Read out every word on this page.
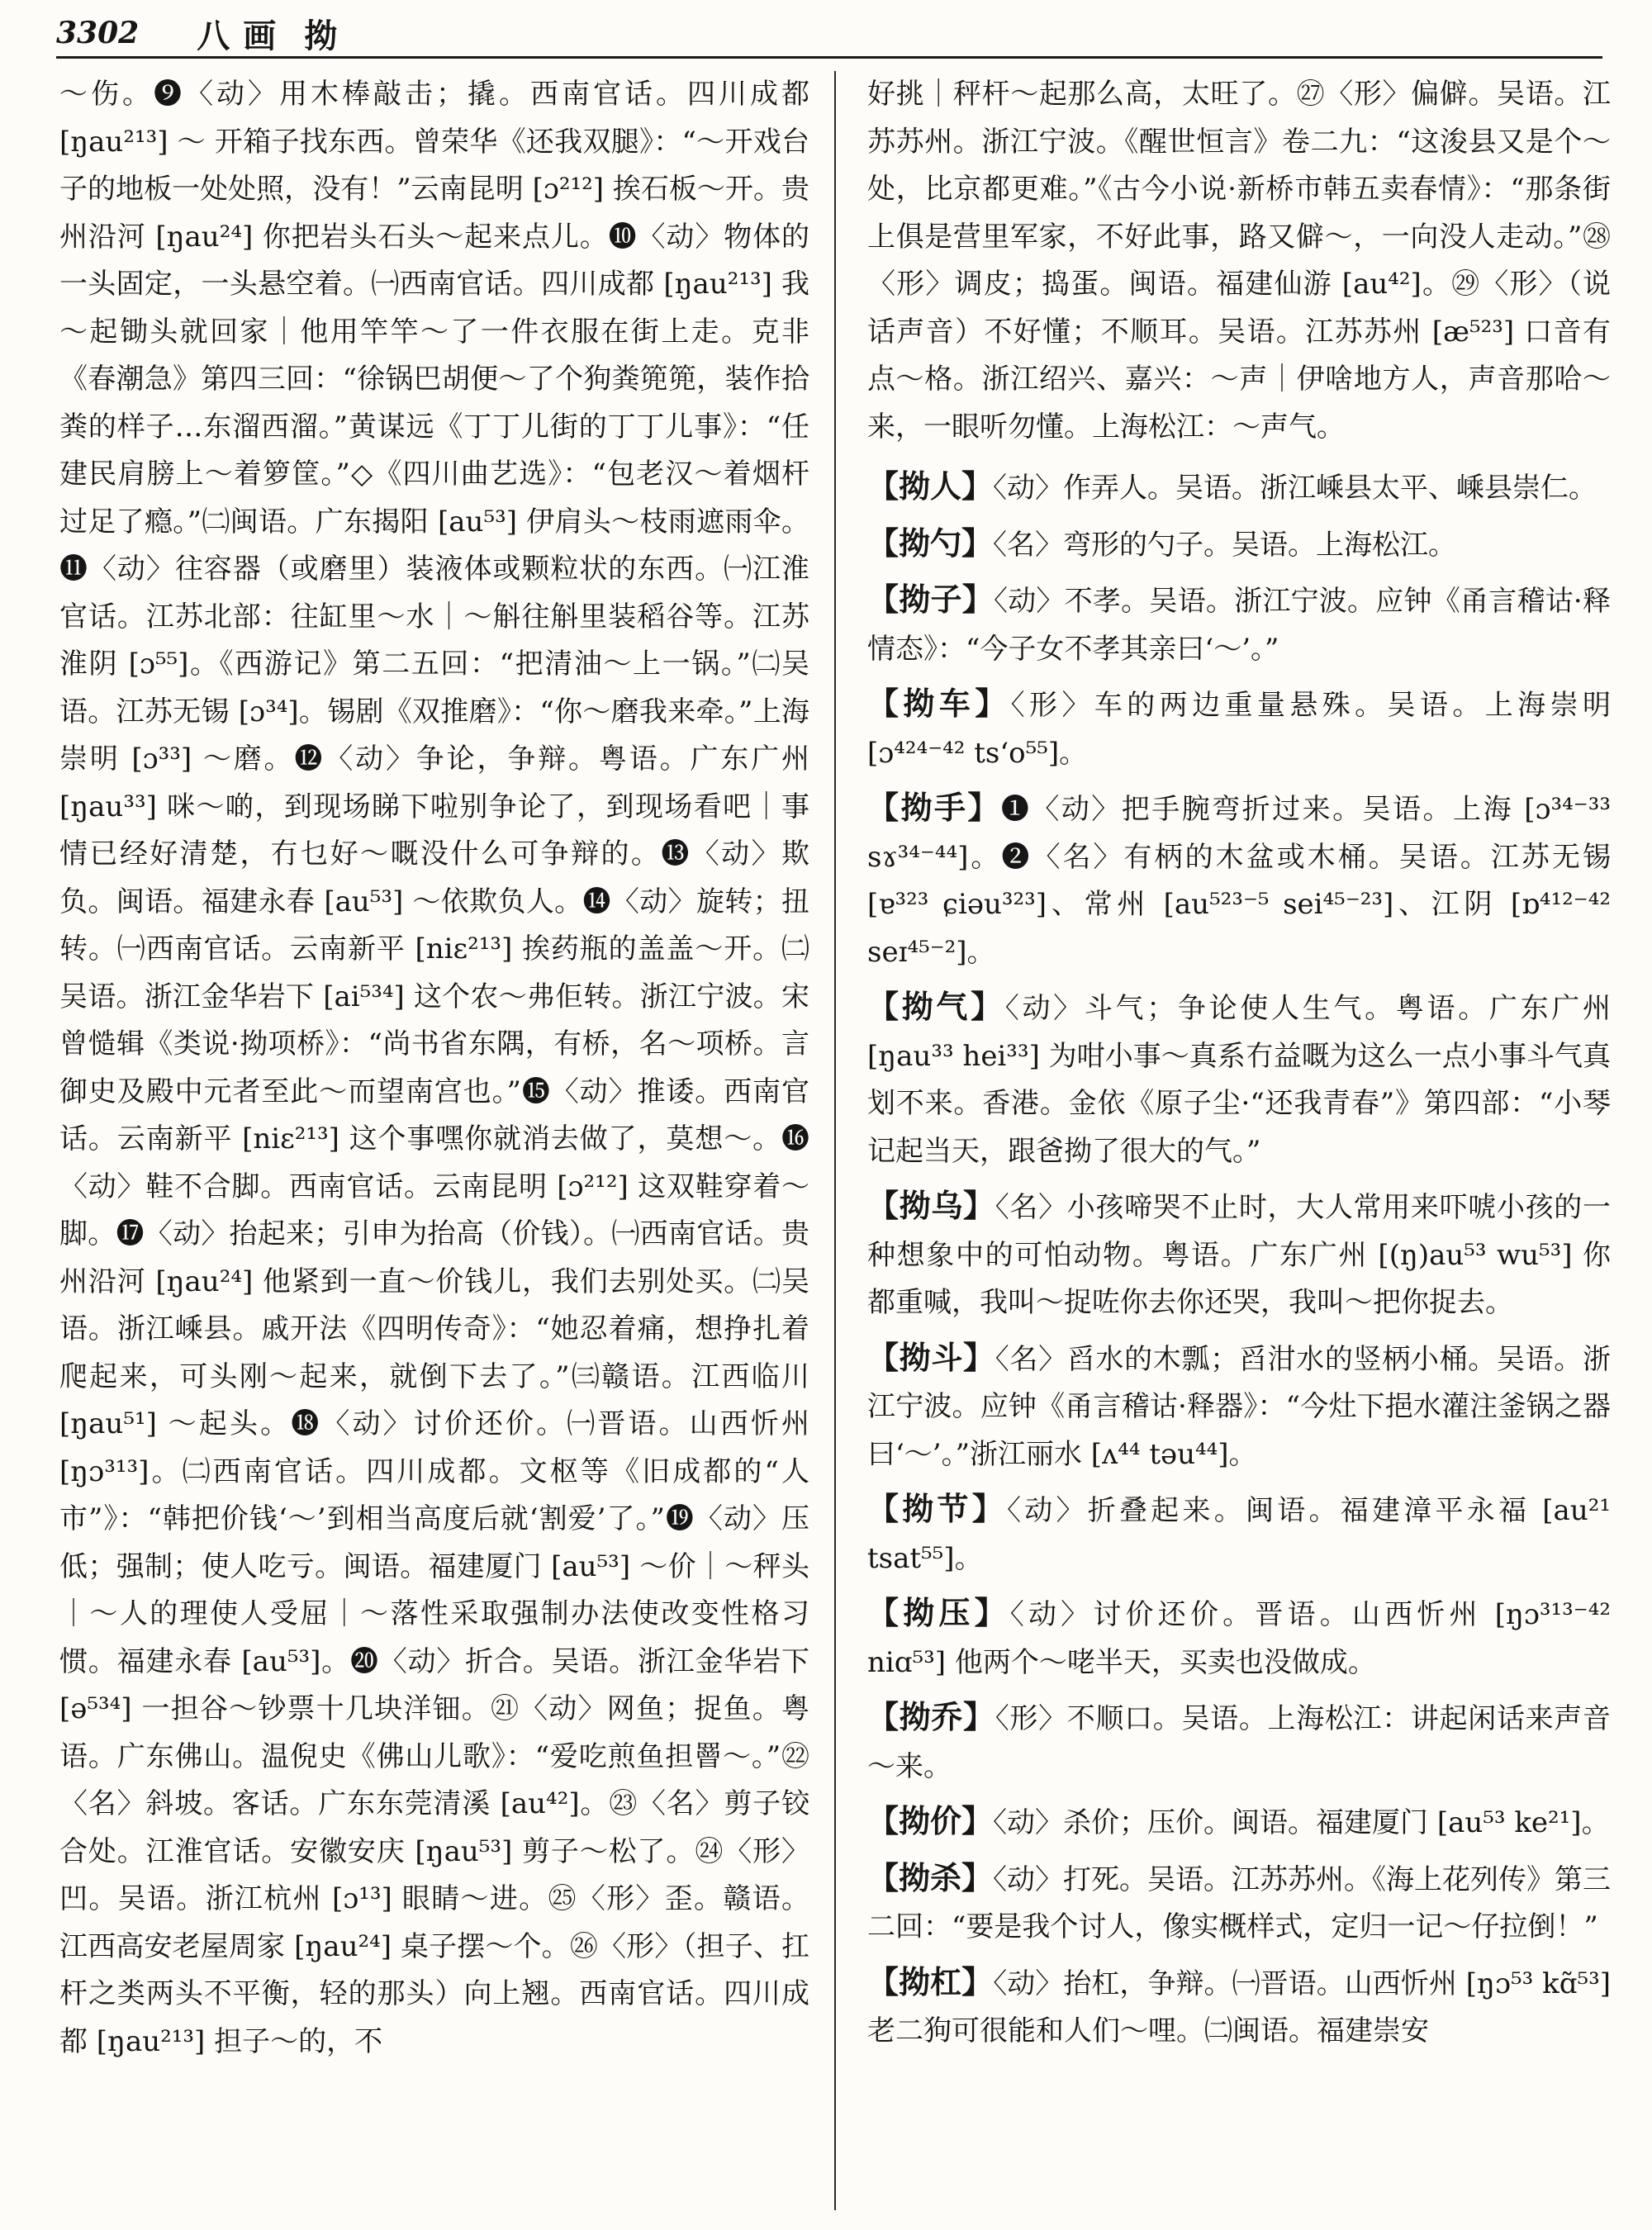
3302 八画 拗
～伤。❾〈动〉用木棒敲击；撬。西南官话。四川成都 [ŋau²¹³] ～ 开箱子找东西。曾荣华《还我双腿》：“～开戏台子的地板一处处照，没有！”云南昆明 [ɔ²¹²] 挨石板～开。贵州沿河 [ŋau²⁴] 你把岩头石头～起来点儿。❿〈动〉物体的一头固定，一头悬空着。㈠西南官话。四川成都 [ŋau²¹³] 我～起锄头就回家｜他用竿竿～了一件衣服在街上走。克非《春潮急》第四三回：“徐锅巴胡便～了个狗粪篼篼，装作拾粪的样子…东溜西溜。”黄谋远《丁丁儿街的丁丁儿事》：“任建民肩膀上～着箩筐。”◇《四川曲艺选》：“包老汉～着烟杆过足了瘾。”㈡闽语。广东揭阳 [au⁵³] 伊肩头～枝雨遮雨伞。⓫〈动〉往容器（或磨里）装液体或颗粒状的东西。㈠江淮官话。江苏北部：往缸里～水｜～斛往斛里装稻谷等。江苏淮阴 [ɔ⁵⁵]。《西游记》第二五回：“把清油～上一锅。”㈡吴语。江苏无锡 [ɔ³⁴]。锡剧《双推磨》：“你～磨我来牵。”上海崇明 [ɔ³³] ～磨。⓬〈动〉争论，争辩。粤语。广东广州 [ŋau³³] 咪～啲，到现场睇下啦别争论了，到现场看吧｜事情已经好清楚，冇乜好～嘅没什么可争辩的。⓭〈动〉欺负。闽语。福建永春 [au⁵³] ～依欺负人。⓮〈动〉旋转；扭转。㈠西南官话。云南新平 [niɛ²¹³] 挨药瓶的盖盖～开。㈡吴语。浙江金华岩下 [ai⁵³⁴] 这个农～弗佢转。浙江宁波。宋曾慥辑《类说·拗项桥》：“尚书省东隅，有桥，名～项桥。言御史及殿中元者至此～而望南宫也。”⓯〈动〉推诿。西南官话。云南新平 [niɛ²¹³] 这个事嘿你就消去做了，莫想～。⓰〈动〉鞋不合脚。西南官话。云南昆明 [ɔ²¹²] 这双鞋穿着～脚。⓱〈动〉抬起来；引申为抬高（价钱）。㈠西南官话。贵州沿河 [ŋau²⁴] 他紧到一直～价钱儿，我们去别处买。㈡吴语。浙江嵊县。戚开法《四明传奇》：“她忍着痛，想挣扎着爬起来，可头刚～起来，就倒下去了。”㈢赣语。江西临川 [ŋau⁵¹] ～起头。⓲〈动〉讨价还价。㈠晋语。山西忻州 [ŋɔ³¹³]。㈡西南官话。四川成都。文枢等《旧成都的“人市”》：“韩把价钱‘～’到相当高度后就‘割爱’了。”⓳〈动〉压低；强制；使人吃亏。闽语。福建厦门 [au⁵³] ～价｜～秤头｜～人的理使人受屈｜～落性采取强制办法使改变性格习惯。福建永春 [au⁵³]。⓴〈动〉折合。吴语。浙江金华岩下 [ə⁵³⁴] 一担谷～钞票十几块洋钿。㉑〈动〉网鱼；捉鱼。粤语。广东佛山。温倪史《佛山儿歌》：“爱吃煎鱼担罾～。”㉒〈名〉斜坡。客话。广东东莞清溪 [au⁴²]。㉓〈名〉剪子铰合处。江淮官话。安徽安庆 [ŋau⁵³] 剪子～松了。㉔〈形〉凹。吴语。浙江杭州 [ɔ¹³] 眼睛～进。㉕〈形〉歪。赣语。江西高安老屋周家 [ŋau²⁴] 桌子摆～个。㉖〈形〉（担子、扛杆之类两头不平衡，轻的那头）向上翘。西南官话。四川成都 [ŋau²¹³] 担子～的，不
好挑｜秤杆～起那么高，太旺了。㉗〈形〉偏僻。吴语。江苏苏州。浙江宁波。《醒世恒言》卷二九：“这浚县又是个～处，比京都更难。”《古今小说·新桥市韩五卖春情》：“那条街上俱是营里军家，不好此事，路又僻～，一向没人走动。”㉘〈形〉调皮；捣蛋。闽语。福建仙游 [au⁴²]。㉙〈形〉（说话声音）不好懂；不顺耳。吴语。江苏苏州 [æ⁵²³] 口音有点～格。浙江绍兴、嘉兴：～声｜伊啥地方人，声音那哈～来，一眼听勿懂。上海松江：～声气。
【拗人】〈动〉作弄人。吴语。浙江嵊县太平、嵊县崇仁。
【拗勺】〈名〉弯形的勺子。吴语。上海松江。
【拗子】〈动〉不孝。吴语。浙江宁波。应钟《甬言稽诂·释情态》：“今子女不孝其亲曰‘～’。”
【拗车】〈形〉车的两边重量悬殊。吴语。上海崇明 [ɔ⁴²⁴⁻⁴² tsʻo⁵⁵]。
【拗手】❶〈动〉把手腕弯折过来。吴语。上海 [ɔ³⁴⁻³³ sɤ³⁴⁻⁴⁴]。❷〈名〉有柄的木盆或木桶。吴语。江苏无锡 [ɐ³²³ ɕiəu³²³]、常州 [au⁵²³⁻⁵ sei⁴⁵⁻²³]、江阴 [ɒ⁴¹²⁻⁴² seɪ⁴⁵⁻²]。
【拗气】〈动〉斗气；争论使人生气。粤语。广东广州 [ŋau³³ hei³³] 为咁小事～真系冇益嘅为这么一点小事斗气真划不来。香港。金依《原子尘·“还我青春”》第四部：“小琴记起当天，跟爸拗了很大的气。”
【拗乌】〈名〉小孩啼哭不止时，大人常用来吓唬小孩的一种想象中的可怕动物。粤语。广东广州 [(ŋ)au⁵³ wu⁵³] 你都重喊，我叫～捉咗你去你还哭，我叫～把你捉去。
【拗斗】〈名〉舀水的木瓢；舀泔水的竖柄小桶。吴语。浙江宁波。应钟《甬言稽诂·释器》：“今灶下挹水灌注釜锅之器曰‘～’。”浙江丽水 [ʌ⁴⁴ təu⁴⁴]。
【拗节】〈动〉折叠起来。闽语。福建漳平永福 [au²¹ tsat⁵⁵]。
【拗压】〈动〉讨价还价。晋语。山西忻州 [ŋɔ³¹³⁻⁴² niɑ⁵³] 他两个～咾半天，买卖也没做成。
【拗乔】〈形〉不顺口。吴语。上海松江：讲起闲话来声音～来。
【拗价】〈动〉杀价；压价。闽语。福建厦门 [au⁵³ ke²¹]。
【拗杀】〈动〉打死。吴语。江苏苏州。《海上花列传》第三二回：“要是我个讨人，像实概样式，定归一记～仔拉倒！”
【拗杠】〈动〉抬杠，争辩。㈠晋语。山西忻州 [ŋɔ⁵³ kɑ̃⁵³] 老二狗可很能和人们～哩。㈡闽语。福建崇安
